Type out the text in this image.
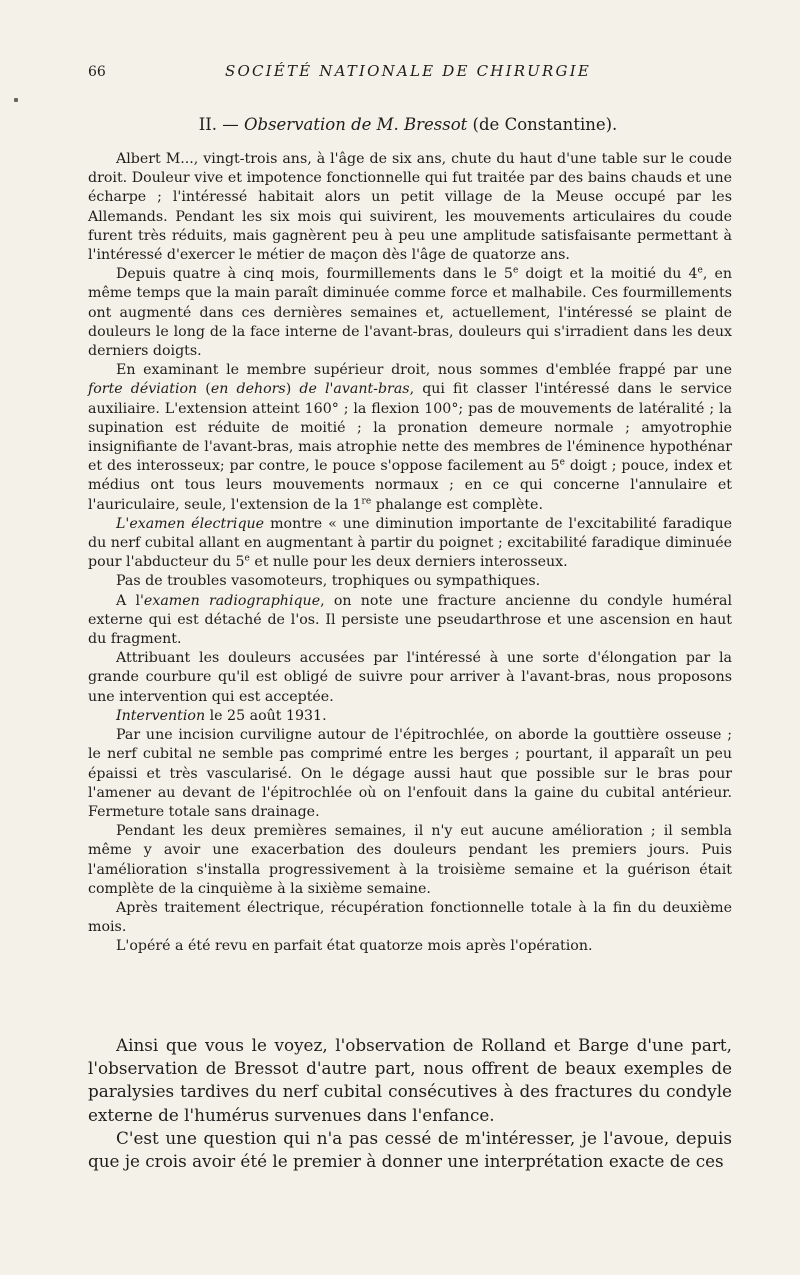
66	SOCIÉTÉ NATIONALE DE CHIRURGIE
II. — Observation de M. Bressot (de Constantine).

Albert M..., vingt-trois ans, à l'âge de six ans, chute du haut d'une table sur le coude droit. Douleur vive et impotence fonctionnelle qui fut traitée par des bains chauds et une écharpe ; l'intéressé habitait alors un petit village de la Meuse occupé par les Allemands. Pendant les six mois qui suivirent, les mouvements articulaires du coude furent très réduits, mais gagnèrent peu à peu une amplitude satisfaisante permettant à l'intéressé d'exercer le métier de maçon dès l'âge de quatorze ans.

Depuis quatre à cinq mois, fourmillements dans le 5e doigt et la moitié du 4e, en même temps que la main paraît diminuée comme force et malhabile. Ces fourmillements ont augmenté dans ces dernières semaines et, actuellement, l'intéressé se plaint de douleurs le long de la face interne de l'avant-bras, douleurs qui s'irradient dans les deux derniers doigts.

En examinant le membre supérieur droit, nous sommes d'emblée frappé par une forte déviation (en dehors) de l'avant-bras, qui fit classer l'intéressé dans le service auxiliaire. L'extension atteint 160° ; la flexion 100°; pas de mouvements de latéralité ; la supination est réduite de moitié ; la pronation demeure normale ; amyotrophie insignifiante de l'avant-bras, mais atrophie nette des membres de l'éminence hypothénar et des interosseux; par contre, le pouce s'oppose facilement au 5e doigt ; pouce, index et médius ont tous leurs mouvements normaux ; en ce qui concerne l'annulaire et l'auriculaire, seule, l'extension de la 1re phalange est complète.

L'examen électrique montre « une diminution importante de l'excitabilité faradique du nerf cubital allant en augmentant à partir du poignet ; excitabilité faradique diminuée pour l'abducteur du 5e et nulle pour les deux derniers interosseux.

Pas de troubles vasomoteurs, trophiques ou sympathiques.

A l'examen radiographique, on note une fracture ancienne du condyle huméral externe qui est détaché de l'os. Il persiste une pseudarthrose et une ascension en haut du fragment.

Attribuant les douleurs accusées par l'intéressé à une sorte d'élongation par la grande courbure qu'il est obligé de suivre pour arriver à l'avant-bras, nous proposons une intervention qui est acceptée.

Intervention le 25 août 1931.

Par une incision curviligne autour de l'épitrochlée, on aborde la gouttière osseuse ; le nerf cubital ne semble pas comprimé entre les berges ; pourtant, il apparaît un peu épaissi et très vascularisé. On le dégage aussi haut que possible sur le bras pour l'amener au devant de l'épitrochlée où on l'enfouit dans la gaine du cubital antérieur. Fermeture totale sans drainage.

Pendant les deux premières semaines, il n'y eut aucune amélioration ; il sembla même y avoir une exacerbation des douleurs pendant les premiers jours. Puis l'amélioration s'installa progressivement à la troisième semaine et la guérison était complète de la cinquième à la sixième semaine.

Après traitement électrique, récupération fonctionnelle totale à la fin du deuxième mois.

L'opéré a été revu en parfait état quatorze mois après l'opération.

Ainsi que vous le voyez, l'observation de Rolland et Barge d'une part, l'observation de Bressot d'autre part, nous offrent de beaux exemples de paralysies tardives du nerf cubital consécutives à des fractures du condyle externe de l'humérus survenues dans l'enfance.

C'est une question qui n'a pas cessé de m'intéresser, je l'avoue, depuis que je crois avoir été le premier à donner une interprétation exacte de ces
